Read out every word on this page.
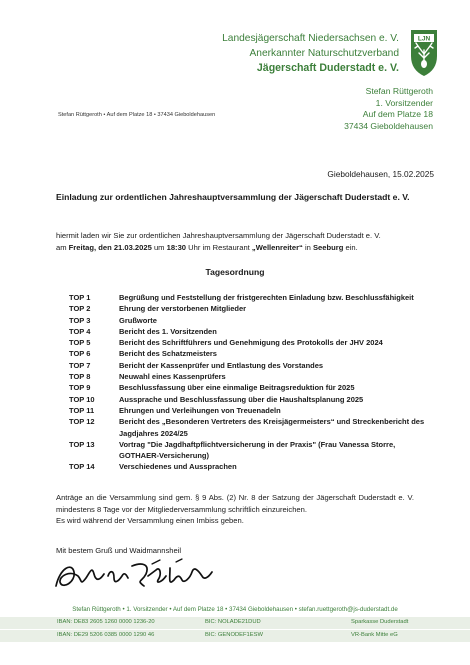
Landesjägerschaft Niedersachsen e. V.
Anerkannter Naturschutzverband
Jägerschaft Duderstadt e. V.
LJN
Stefan Rüttgeroth • Auf dem Platze 18 • 37434 Gieboldehausen
Stefan Rüttgeroth
1. Vorsitzender
Auf dem Platze 18
37434 Gieboldehausen
Gieboldehausen, 15.02.2025
Einladung zur ordentlichen Jahreshauptversammlung der Jägerschaft Duderstadt e. V.
hiermit laden wir Sie zur ordentlichen Jahreshauptversammlung der Jägerschaft Duderstadt e. V.
am Freitag, den 21.03.2025 um 18:30 Uhr im Restaurant „Wellenreiter“ in Seeburg ein.
Tagesordnung
TOP 1	Begrüßung und Feststellung der fristgerechten Einladung bzw. Beschlussfähigkeit
TOP 2	Ehrung der verstorbenen Mitglieder
TOP 3	Grußworte
TOP 4	Bericht des 1. Vorsitzenden
TOP 5	Bericht des Schriftführers und Genehmigung des Protokolls der JHV 2024
TOP 6	Bericht des Schatzmeisters
TOP 7	Bericht der Kassenprüfer und Entlastung des Vorstandes
TOP 8	Neuwahl eines Kassenprüfers
TOP 9	Beschlussfassung über eine einmalige Beitragsreduktion für 2025
TOP 10	Aussprache und Beschlussfassung über die Haushaltsplanung 2025
TOP 11	Ehrungen und Verleihungen von Treuenadeln
TOP 12	Bericht des „Besonderen Vertreters des Kreisjägermeisters“ und Streckenbericht des Jagdjahres 2024/25
TOP 13	Vortrag "Die Jagdhaftpflichtversicherung in der Praxis" (Frau Vanessa Storre, GOTHAER-Versicherung)
TOP 14	Verschiedenes und Aussprachen
Anträge an die Versammlung sind gem. § 9 Abs. (2) Nr. 8 der Satzung der Jägerschaft Duderstadt e. V. mindestens 8 Tage vor der Mitgliederversammlung schriftlich einzureichen.
Es wird während der Versammlung einen Imbiss geben.
Mit bestem Gruß und Waidmannsheil
Stefan Rüttgeroth • 1. Vorsitzender • Auf dem Platze 18 • 37434 Gieboldehausen • stefan.ruettgeroth@js-duderstadt.de
IBAN: DE83 2605 1260 0000 1236-20	BIC: NOLADE21DUD	Sparkasse Duderstadt
IBAN: DE29 5206 0385 0000 1290 46	BIC: GENODEF1ESW	VR-Bank Mitte eG
